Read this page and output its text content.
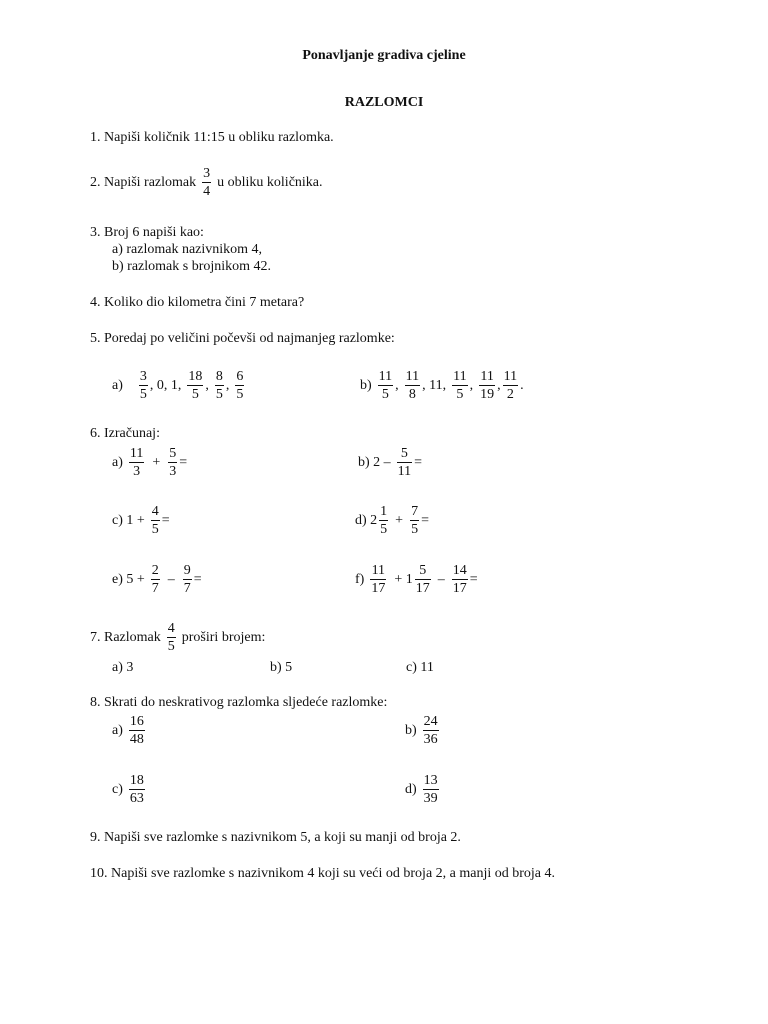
Ponavljanje gradiva cjeline
RAZLOMCI
1. Napiši količnik 11:15 u obliku razlomka.
2. Napiši razlomak $\frac{3}{4}$ u obliku količnika.
3. Broj 6 napiši kao:
a) razlomak nazivnikom 4,
b) razlomak s brojnikom 42.
4. Koliko dio kilometra čini 7 metara?
5. Poredaj po veličini počevši od najmanjeg razlomke:
$a) \frac{3}{5}$ , 0, 1, $\frac{18}{5}$ , $\frac{8}{5}$ , $\frac{6}{5}$	$b) \frac{11}{5}$ , $\frac{11}{8}$ , 11, $\frac{11}{5}$ , $\frac{11}{19}$ , $\frac{11}{2}$ .
6. Izračunaj:
$a) \frac{11}{3} + \frac{5}{3}$ =	b) $2 - \frac{5}{11}$ =
c) $1 + \frac{4}{5}$ =	d) $2 \frac{1}{5} + \frac{7}{5}$ =
e) $5 + \frac{2}{7} - \frac{9}{7}$ =	$f) \frac{11}{17} + 1 \frac{5}{17} - \frac{14}{17}$ =
7. Razlomak $\frac{4}{5}$ proširi brojem:
a) 3	b) 5	c) 11
8. Skrati do neskrativog razlomka sljedeće razlomke:
$a) \frac{16}{48}$	$b) \frac{24}{36}$
$c) \frac{18}{63}$	$d) \frac{13}{39}$
9. Napiši sve razlomke s nazivnikom 5, a koji su manji od broja 2.
10. Napiši sve razlomke s nazivnikom 4 koji su veći od broja 2, a manji od broja 4.
